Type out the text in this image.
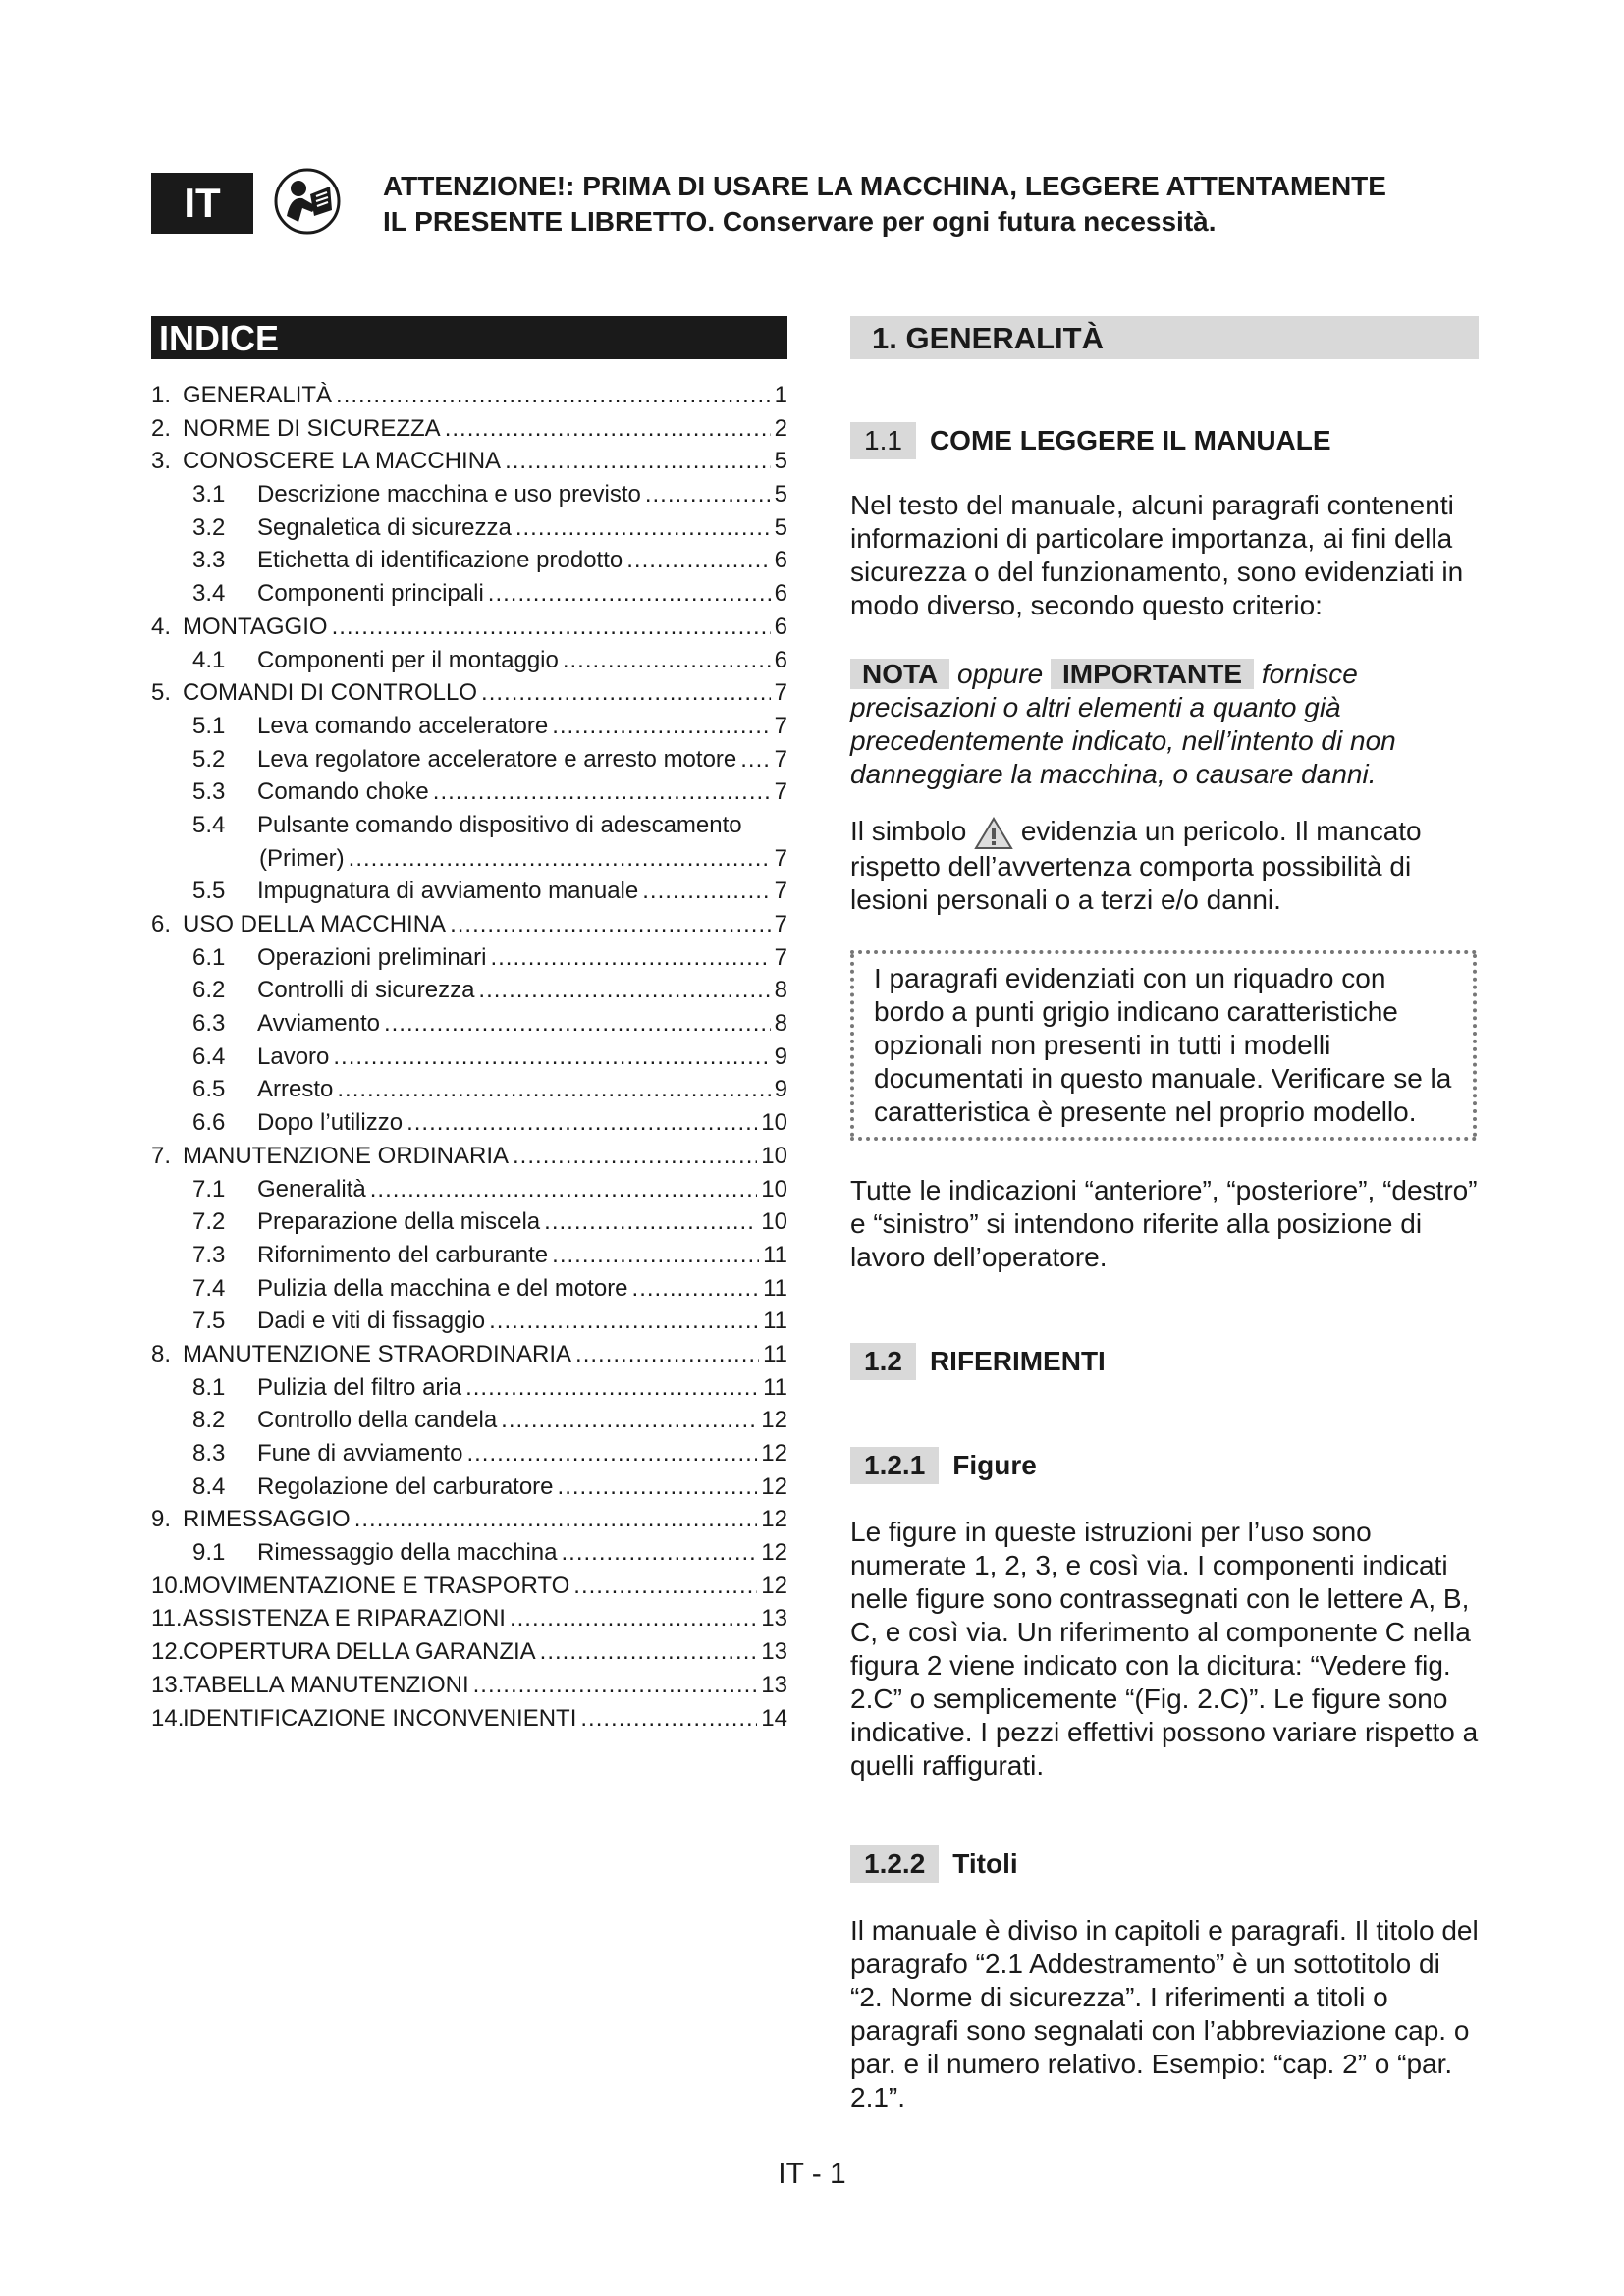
IT	ATTENZIONE!: PRIMA DI USARE LA MACCHINA, LEGGERE ATTENTAMENTE
IL PRESENTE LIBRETTO. Conservare per ogni futura necessità.
INDICE
1. GENERALITÀ .....	1
2. NORME DI SICUREZZA .....	2
3. CONOSCERE LA MACCHINA .....	5
3.1	Descrizione macchina e uso previsto .....	5
3.2	Segnaletica di sicurezza .....	5
3.3	Etichetta di identificazione prodotto .....	6
3.4	Componenti principali .....	6
4. MONTAGGIO .....	6
4.1	Componenti per il montaggio .....	6
5. COMANDI DI CONTROLLO .....	7
5.1	Leva comando acceleratore .....	7
5.2	Leva regolatore acceleratore e arresto motore ..... 7
5.3	Comando choke .....	7
5.4	Pulsante comando dispositivo di adescamento
(Primer) .....	7
5.5	Impugnatura di avviamento manuale .....	7
6. USO DELLA MACCHINA .....	7
6.1	Operazioni preliminari .....	7
6.2	Controlli di sicurezza .....	8
6.3	Avviamento .....	8
6.4	Lavoro .....	9
6.5	Arresto .....	9
6.6	Dopo l’utilizzo .....	10
7. MANUTENZIONE ORDINARIA .....	10
7.1	Generalità .....	10
7.2	Preparazione della miscela .....	10
7.3	Rifornimento del carburante .....	11
7.4	Pulizia della macchina e del motore .....	11
7.5	Dadi e viti di fissaggio .....	11
8. MANUTENZIONE STRAORDINARIA .....	11
8.1	Pulizia del filtro aria .....	11
8.2	Controllo della candela .....	12
8.3	Fune di avviamento .....	12
8.4	Regolazione del carburatore .....	12
9. RIMESSAGGIO .....	12
9.1	Rimessaggio della macchina .....	12
10.
MOVIMENTAZIONE E TRASPORTO .....	12
11. ASSISTENZA E RIPARAZIONI .....	13
12.
COPERTURA DELLA GARANZIA .....	13
13.
TABELLA MANUTENZIONI .....	13
14.
IDENTIFICAZIONE INCONVENIENTI .....	14
1. GENERALITÀ
1.1	COME LEGGERE IL MANUALE

Nel testo del manuale, alcuni paragrafi contenenti informazioni di particolare importanza, ai fini della sicurezza o del funzionamento, sono evidenziati in modo diverso, secondo questo criterio:

NOTA oppure IMPORTANTE fornisce precisazioni o altri elementi a quanto già precedentemente indicato, nell’intento di non danneggiare la macchina, o causare danni.

Il simbolo evidenzia un pericolo. Il mancato rispetto dell’avvertenza comporta possibilità di lesioni personali o a terzi e/o danni.

I paragrafi evidenziati con un riquadro con bordo a punti grigio indicano caratteristiche opzionali non presenti in tutti i modelli documentati in questo manuale. Verificare se la caratteristica è presente nel proprio modello.

Tutte le indicazioni “anteriore”, “posteriore”, “destro” e “sinistro” si intendono riferite alla posizione di lavoro dell’operatore.

1.2	RIFERIMENTI
1.2.1	Figure

Le figure in queste istruzioni per l’uso sono numerate 1, 2, 3, e così via. I componenti indicati nelle figure sono contrassegnati con le lettere A, B, C, e così via. Un riferimento al componente C nella figura 2 viene indicato con la dicitura: “Vedere fig. 2.C” o semplicemente “(Fig. 2.C)”. Le figure sono indicative. I pezzi effettivi possono variare rispetto a quelli raffigurati.

1.2.2	Titoli

Il manuale è diviso in capitoli e paragrafi. Il titolo del paragrafo “2.1 Addestramento” è un sottotitolo di “2. Norme di sicurezza”. I riferimenti a titoli o paragrafi sono segnalati con l’abbreviazione cap. o par. e il numero relativo. Esempio: “cap. 2” o “par. 2.1”.

IT - 1
